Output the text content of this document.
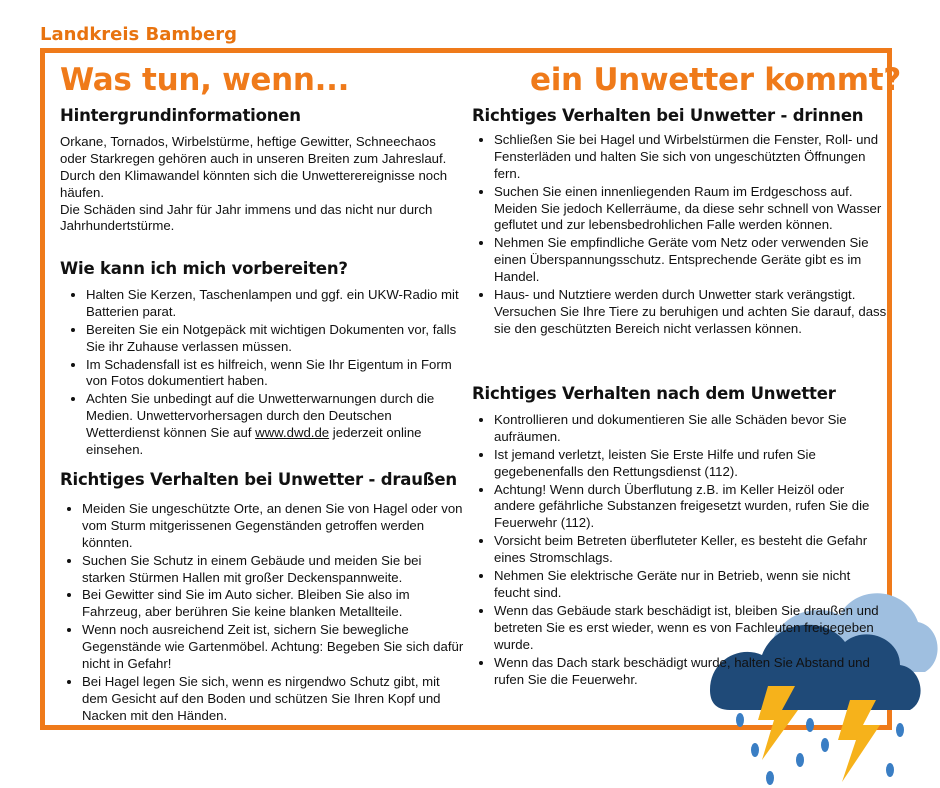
Landkreis Bamberg
Was tun, wenn...	ein Unwetter kommt?
Hintergrundinformationen

Orkane, Tornados, Wirbelstürme, heftige Gewitter, Schneechaos oder Starkregen gehören auch in unseren Breiten zum Jahreslauf.

Durch den Klimawandel könnten sich die Unwetterereignisse noch häufen.

Die Schäden sind Jahr für Jahr immens und das nicht nur durch Jahrhundertstürme.

Wie kann ich mich vorbereiten?
• Halten Sie Kerzen, Taschenlampen und ggf. ein UKW-Radio mit Batterien parat.
• Bereiten Sie ein Notgepäck mit wichtigen Dokumenten vor, falls Sie ihr Zuhause verlassen müssen.
• Im Schadensfall ist es hilfreich, wenn Sie Ihr Eigentum in Form von Fotos dokumentiert haben.
• Achten Sie unbedingt auf die Unwetterwarnungen durch die Medien. Unwettervorhersagen durch den Deutschen Wetterdienst können Sie auf www.dwd.de jederzeit online einsehen.
Richtiges Verhalten bei Unwetter - draußen
• Meiden Sie ungeschützte Orte, an denen Sie von Hagel oder von vom Sturm mitgerissenen Gegenständen getroffen werden könnten.
• Suchen Sie Schutz in einem Gebäude und meiden Sie bei starken Stürmen Hallen mit großer Deckenspannweite.
• Bei Gewitter sind Sie im Auto sicher. Bleiben Sie also im Fahrzeug, aber berühren Sie keine blanken Metallteile.
• Wenn noch ausreichend Zeit ist, sichern Sie bewegliche Gegenstände wie Gartenmöbel. Achtung: Begeben Sie sich dafür nicht in Gefahr!
• Bei Hagel legen Sie sich, wenn es nirgendwo Schutz gibt, mit dem Gesicht auf den Boden und schützen Sie Ihren Kopf und Nacken mit den Händen.
Richtiges Verhalten bei Unwetter - drinnen
• Schließen Sie bei Hagel und Wirbelstürmen die Fenster, Roll- und Fensterläden und halten Sie sich von ungeschützten Öffnungen fern.
• Suchen Sie einen innenliegenden Raum im Erdgeschoss auf. Meiden Sie jedoch Kellerräume, da diese sehr schnell von Wasser geflutet und zur lebensbedrohlichen Falle werden können.
• Nehmen Sie empfindliche Geräte vom Netz oder verwenden Sie einen Überspannungsschutz. Entsprechende Geräte gibt es im Handel.
• Haus- und Nutztiere werden durch Unwetter stark verängstigt. Versuchen Sie Ihre Tiere zu beruhigen und achten Sie darauf, dass sie den geschützten Bereich nicht verlassen können.
Richtiges Verhalten nach dem Unwetter
• Kontrollieren und dokumentieren Sie alle Schäden bevor Sie aufräumen.
• Ist jemand verletzt, leisten Sie Erste Hilfe und rufen Sie gegebenenfalls den Rettungsdienst (112).
• Achtung! Wenn durch Überflutung z.B. im Keller Heizöl oder andere gefährliche Substanzen freigesetzt wurden, rufen Sie die Feuerwehr (112).
• Vorsicht beim Betreten überfluteter Keller, es besteht die Gefahr eines Stromschlags.
• Nehmen Sie elektrische Geräte nur in Betrieb, wenn sie nicht feucht sind.
• Wenn das Gebäude stark beschädigt ist, bleiben Sie draußen und betreten Sie es erst wieder, wenn es von Fachleuten freigegeben wurde.
• Wenn das Dach stark beschädigt wurde, halten Sie Abstand und rufen Sie die Feuerwehr.
